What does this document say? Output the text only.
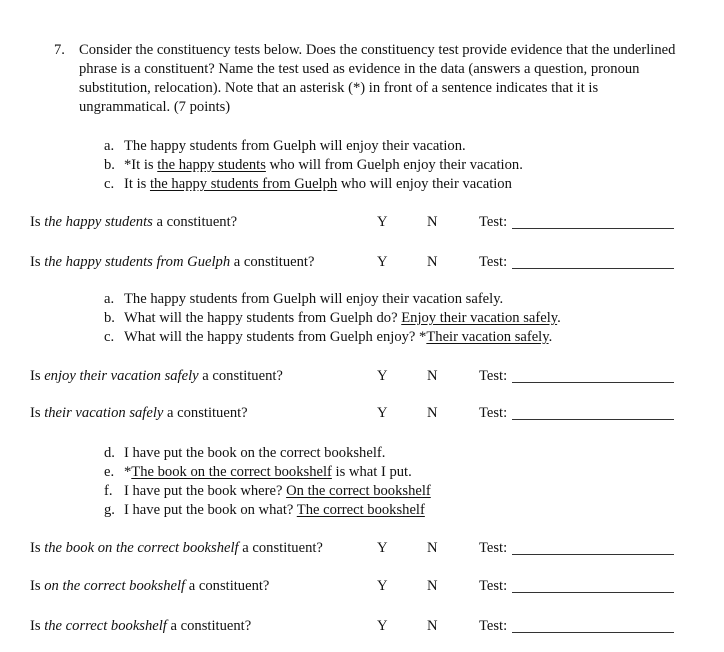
7. Consider the constituency tests below. Does the constituency test provide evidence that the underlined phrase is a constituent? Name the test used as evidence in the data (answers a question, pronoun substitution, relocation). Note that an asterisk (*) in front of a sentence indicates that it is ungrammatical. (7 points)
a. The happy students from Guelph will enjoy their vacation.
b. *It is the happy students who will from Guelph enjoy their vacation.
c. It is the happy students from Guelph who will enjoy their vacation
Is the happy students a constituent?	Y	N	Test:
Is the happy students from Guelph a constituent?	Y	N	Test:
a. The happy students from Guelph will enjoy their vacation safely.
b. What will the happy students from Guelph do? Enjoy their vacation safely.
c. What will the happy students from Guelph enjoy? *Their vacation safely.
Is enjoy their vacation safely a constituent?	Y	N	Test:
Is their vacation safely a constituent?	Y	N	Test:
d. I have put the book on the correct bookshelf.
e. *The book on the correct bookshelf is what I put.
f. I have put the book where? On the correct bookshelf
g. I have put the book on what? The correct bookshelf
Is the book on the correct bookshelf a constituent?	Y	N	Test:
Is on the correct bookshelf a constituent?	Y	N	Test:
Is the correct bookshelf a constituent?	Y	N	Test:
